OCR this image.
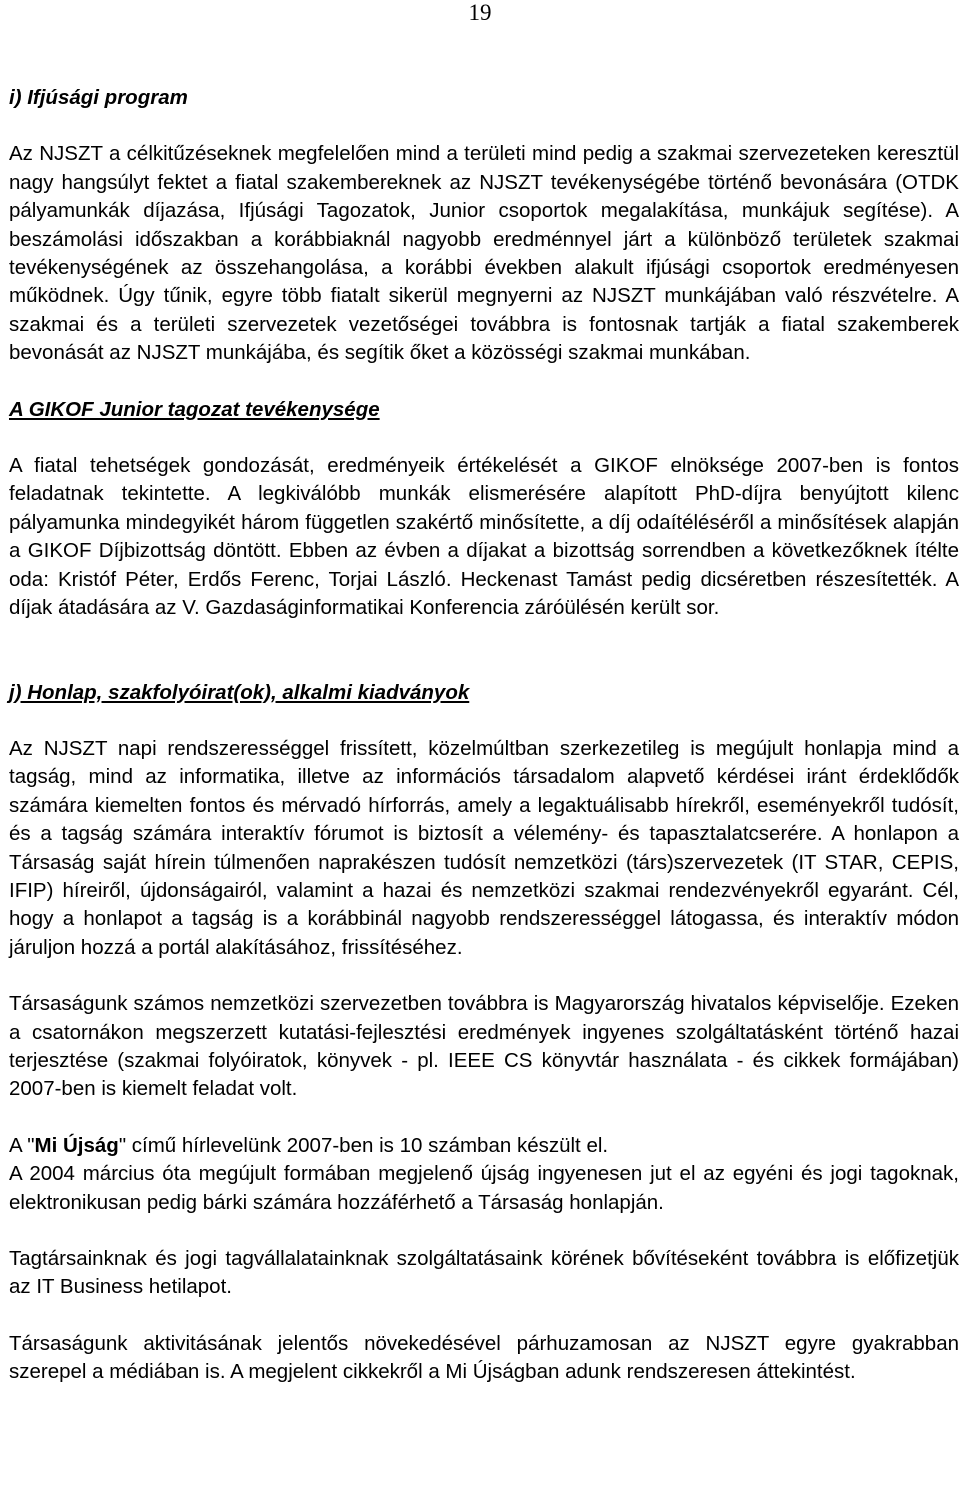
19

i) Ifjúsági program

Az NJSZT a célkitűzéseknek megfelelően mind a területi mind pedig a szakmai szervezeteken keresztül nagy hangsúlyt fektet a fiatal szakembereknek az NJSZT tevékenységébe történő bevonására (OTDK pályamunkák díjazása, Ifjúsági Tagozatok, Junior csoportok megalakítása, munkájuk segítése). A beszámolási időszakban a korábbiaknál nagyobb eredménnyel járt a különböző területek szakmai tevékenységének az összehangolása, a korábbi években alakult ifjúsági csoportok eredményesen működnek. Úgy tűnik, egyre több fiatalt sikerül megnyerni az NJSZT munkájában való részvételre. A szakmai és a területi szervezetek vezetőségei továbbra is fontosnak tartják a fiatal szakemberek bevonását az NJSZT munkájába, és segítik őket a közösségi szakmai munkában.

A GIKOF Junior tagozat tevékenysége

A fiatal tehetségek gondozását, eredményeik értékelését a GIKOF elnöksége 2007-ben is fontos feladatnak tekintette. A legkiválóbb munkák elismerésére alapított PhD-díjra benyújtott kilenc pályamunka mindegyikét három független szakértő minősítette, a díj odaítéléséről a minősítések alapján a GIKOF Díjbizottság döntött. Ebben az évben a díjakat a bizottság sorrendben a következőknek ítélte oda: Kristóf Péter, Erdős Ferenc, Torjai László. Heckenast Tamást pedig dicséretben részesítették. A díjak átadására az V. Gazdaságinformatikai Konferencia záróülésén került sor.

j) Honlap, szakfolyóirat(ok), alkalmi kiadványok

Az NJSZT napi rendszerességgel frissített, közelmúltban szerkezetileg is megújult honlapja mind a tagság, mind az informatika, illetve az információs társadalom alapvető kérdései iránt érdeklődők számára kiemelten fontos és mérvadó hírforrás, amely a legaktuálisabb hírekről, eseményekről tudósít, és a tagság számára interaktív fórumot is biztosít a vélemény- és tapasztalatcserére. A honlapon a Társaság saját hírein túlmenően naprakészen tudósít nemzetközi (társ)szervezetek (IT STAR, CEPIS, IFIP) híreiről, újdonságairól, valamint a hazai és nemzetközi szakmai rendezvényekről egyaránt. Cél, hogy a honlapot a tagság is a korábbinál nagyobb rendszerességgel látogassa, és interaktív módon járuljon hozzá a portál alakításához, frissítéséhez.

Társaságunk számos nemzetközi szervezetben továbbra is Magyarország hivatalos képviselője. Ezeken a csatornákon megszerzett kutatási-fejlesztési eredmények ingyenes szolgáltatásként történő hazai terjesztése (szakmai folyóiratok, könyvek - pl. IEEE CS könyvtár használata - és cikkek formájában) 2007-ben is kiemelt feladat volt.

A "Mi Újság" című hírlevelünk 2007-ben is 10 számban készült el.

A 2004 március óta megújult formában megjelenő újság ingyenesen jut el az egyéni és jogi tagoknak, elektronikusan pedig bárki számára hozzáférhető a Társaság honlapján.

Tagtársainknak és jogi tagvállalatainknak szolgáltatásaink körének bővítéseként továbbra is előfizetjük az IT Business hetilapot.

Társaságunk aktivitásának jelentős növekedésével párhuzamosan az NJSZT egyre gyakrabban szerepel a médiában is. A megjelent cikkekről a Mi Újságban adunk rendszeresen áttekintést.
